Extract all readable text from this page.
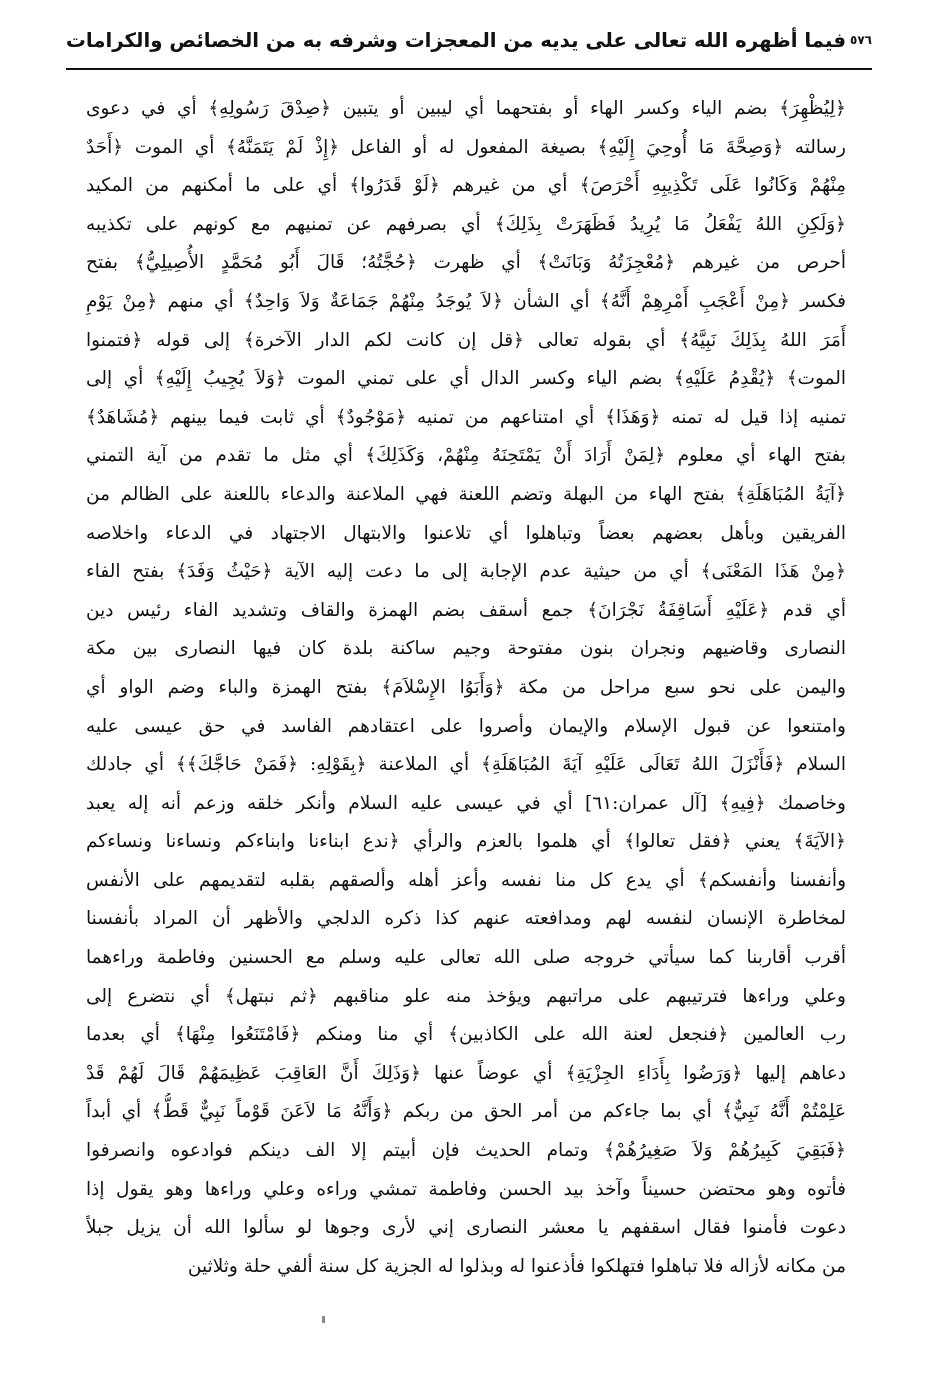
٥٧٦
فيما أظهره الله تعالى على يديه من المعجزات وشرفه به من الخصائص والكرامات
﴿لِيُظْهِرَ﴾ بضم الياء وكسر الهاء أو بفتحهما أي ليبين أو يتبين ﴿صِدْقَ رَسُولِهِ﴾ أي في دعوى
رسالته ﴿وَصِحَّةَ مَا أُوحِيَ إِلَيْهِ﴾ بصيغة المفعول له أو الفاعل ﴿إِذْ لَمْ يَتَمَنَّهُ﴾ أي الموت ﴿أَحَدٌ
مِنْهُمْ وَكَانُوا عَلَى تَكْذِيبِهِ أَحْرَصَ﴾ أي من غيرهم ﴿لَوْ قَدَرُوا﴾ أي على ما أمكنهم من المكيد
﴿وَلَكِنِ اللهُ يَفْعَلُ مَا يُرِيدُ فَظَهَرَتْ بِذَلِكَ﴾ أي بصرفهم عن تمنيهم مع كونهم على تكذيبه
أحرص من غيرهم ﴿مُعْجِزَتُهُ وَبَانَتْ﴾ أي ظهرت ﴿حُجَّتُهُ؛ قَالَ أَبُو مُحَمَّدٍ الأُصِيلِيُّ﴾ بفتح
فكسر ﴿مِنْ أَعْجَبِ أَمْرِهِمْ أَنَّهُ﴾ أي الشأن ﴿لاَ يُوجَدُ مِنْهُمْ جَمَاعَةٌ وَلاَ وَاحِدٌ﴾ أي منهم ﴿مِنْ يَوْمِ
أَمَرَ اللهُ بِذَلِكَ نَبِيَّهُ﴾ أي بقوله تعالى ﴿قل إن كانت لكم الدار الآخرة﴾ إلى قوله ﴿فتمنوا
الموت﴾ ﴿يُقْدِمُ عَلَيْهِ﴾ بضم الياء وكسر الدال أي على تمني الموت ﴿وَلاَ يُجِيبُ إِلَيْهِ﴾ أي إلى
تمنيه إذا قيل له تمنه ﴿وَهَذَا﴾ أي امتناعهم من تمنيه ﴿مَوْجُودٌ﴾ أي ثابت فيما بينهم ﴿مُشَاهَدٌ﴾
بفتح الهاء أي معلوم ﴿لِمَنْ أَرَادَ أَنْ يَمْتَحِنَهُ مِنْهُمْ، وَكَذَلِكَ﴾ أي مثل ما تقدم من آية التمني
﴿آيَةُ المُبَاهَلَةِ﴾ بفتح الهاء من البهلة وتضم اللعنة فهي الملاعنة والدعاء باللعنة على الظالم من
الفريقين وبأهل بعضهم بعضاً وتباهلوا أي تلاعنوا والابتهال الاجتهاد في الدعاء واخلاصه
﴿مِنْ هَذَا المَعْنَى﴾ أي من حيثية عدم الإجابة إلى ما دعت إليه الآية ﴿حَيْثُ وَفَدَ﴾ بفتح الفاء
أي قدم ﴿عَلَيْهِ أَسَاقِفَةُ نَجْرَانَ﴾ جمع أسقف بضم الهمزة والقاف وتشديد الفاء رئيس دين
النصارى وقاضيهم ونجران بنون مفتوحة وجيم ساكنة بلدة كان فيها النصارى بين مكة
واليمن على نحو سبع مراحل من مكة ﴿وَأَبَوُا الإِسْلاَمَ﴾ بفتح الهمزة والباء وضم الواو أي
وامتنعوا عن قبول الإسلام والإيمان وأصروا على اعتقادهم الفاسد في حق عيسى عليه
السلام ﴿فَأَنْزَلَ اللهُ تَعَالَى عَلَيْهِ آيَةَ المُبَاهَلَةِ﴾ أي الملاعنة ﴿بِقَوْلِهِ: ﴿فَمَنْ حَاجَّكَ﴾﴾ أي جادلك
وخاصمك ﴿فِيهِ﴾ [آل عمران:٦١] أي في عيسى عليه السلام وأنكر خلقه وزعم أنه إله يعبد
﴿الآيَةَ﴾ يعني ﴿فقل تعالوا﴾ أي هلموا بالعزم والرأي ﴿ندع ابناءنا وابناءكم ونساءنا ونساءكم
وأنفسنا وأنفسكم﴾ أي يدع كل منا نفسه وأعز أهله وألصقهم بقلبه لتقديمهم على الأنفس
لمخاطرة الإنسان لنفسه لهم ومدافعته عنهم كذا ذكره الدلجي والأظهر أن المراد بأنفسنا
أقرب أقاربنا كما سيأتي خروجه صلى الله تعالى عليه وسلم مع الحسنين وفاطمة وراءهما
وعلي وراءها فترتيبهم على مراتبهم ويؤخذ منه علو مناقبهم ﴿ثم نبتهل﴾ أي نتضرع إلى
رب العالمين ﴿فنجعل لعنة الله على الكاذبين﴾ أي منا ومنكم ﴿فَامْتَنَعُوا مِنْهَا﴾ أي بعدما
دعاهم إليها ﴿وَرَضُوا بِأَدَاءِ الجِزْيَةِ﴾ أي عوضاً عنها ﴿وَذَلِكَ أَنَّ العَاقِبَ عَظِيمَهُمْ قَالَ لَهُمْ قَدْ
عَلِمْتُمْ أَنَّهُ نَبِيٌّ﴾ أي بما جاءكم من أمر الحق من ربكم ﴿وَأَنَّهُ مَا لاَعَنَ قَوْماً نَبِيٌّ قَطُّ﴾ أي أبداً
﴿فَبَقِيَ كَبِيرُهُمْ وَلاَ صَغِيرُهُمْ﴾ وتمام الحديث فإن أبيتم إلا الف دينكم فوادعوه وانصرفوا
فأتوه وهو محتضن حسيناً وآخذ بيد الحسن وفاطمة تمشي وراءه وعلي وراءها وهو يقول إذا
دعوت فأمنوا فقال اسقفهم يا معشر النصارى إني لأرى وجوها لو سألوا الله أن يزيل جبلاً
من مكانه لأزاله فلا تباهلوا فتهلكوا فأذعنوا له وبذلوا له الجزية كل سنة ألفي حلة وثلاثين
